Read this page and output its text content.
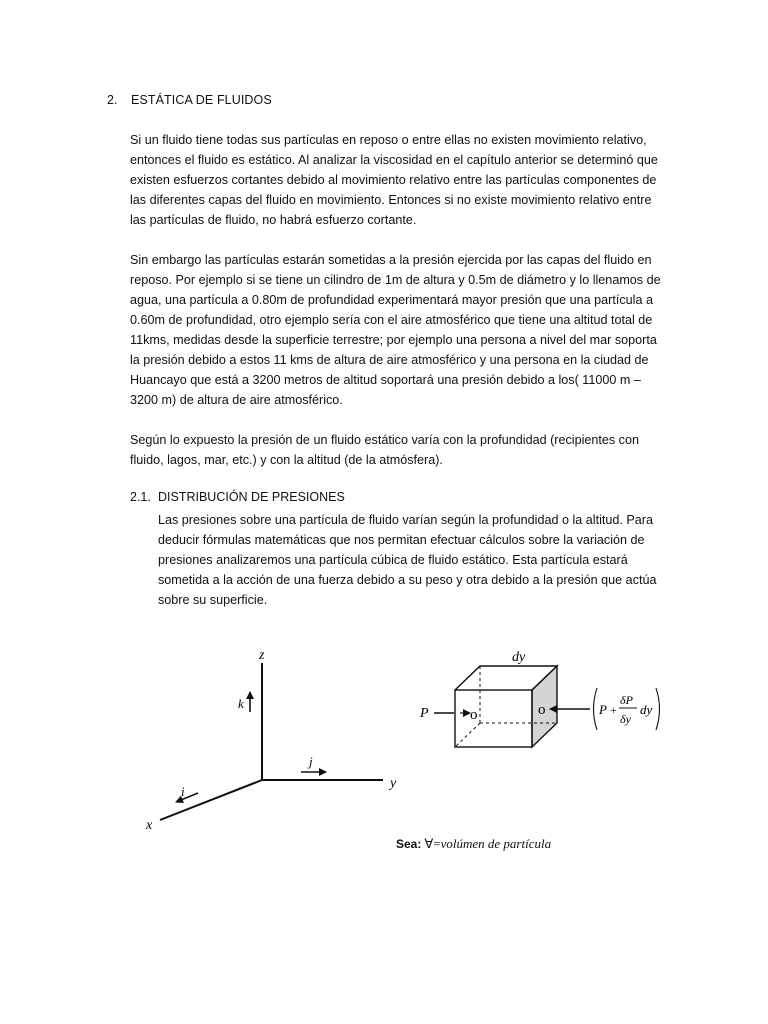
2. ESTÁTICA DE FLUIDOS

Si un fluido tiene todas sus partículas en reposo o entre ellas no existen movimiento relativo, entonces el fluido es estático. Al analizar la viscosidad en el capítulo anterior se determinó que existen esfuerzos cortantes debido al movimiento relativo entre las partículas componentes de las diferentes capas del fluido en movimiento. Entonces si no existe movimiento relativo entre las partículas de fluido, no habrá esfuerzo cortante.

Sin embargo las partículas estarán sometidas a la presión ejercida por las capas del fluido en reposo. Por ejemplo si se tiene un cilindro de 1m de altura y 0.5m de diámetro y lo llenamos de agua, una partícula a 0.80m de profundidad experimentará mayor presión que una partícula a 0.60m de profundidad, otro ejemplo sería con el aire atmosférico que tiene una altitud total de 11kms, medidas desde la superficie terrestre; por ejemplo una persona a nivel del mar soporta la presión debido a estos 11 kms de altura de aire atmosférico y una persona en la ciudad de Huancayo que está a 3200 metros de altitud soportará una presión debido a los( 11000 m – 3200 m) de altura de aire atmosférico.

Según lo expuesto la presión de un fluido estático varía con la profundidad (recipientes con fluido, lagos, mar, etc.) y con la altitud (de la atmósfera).

2.1. DISTRIBUCIÓN DE PRESIONES

Las presiones sobre una partícula de fluido varían según la profundidad o la altitud. Para deducir fórmulas matemáticas que nos permitan efectuar cálculos sobre la variación de presiones analizaremos una partícula cúbica de fluido estático. Esta partícula estará sometida a la acción de una fuerza debido a su peso y otra debido a la presión que actúa sobre su superficie.

z
y
x
k
j
i
dy
P	o	o	P +
δP
δy
dy
Sea: ∀=volúmen de partícula
